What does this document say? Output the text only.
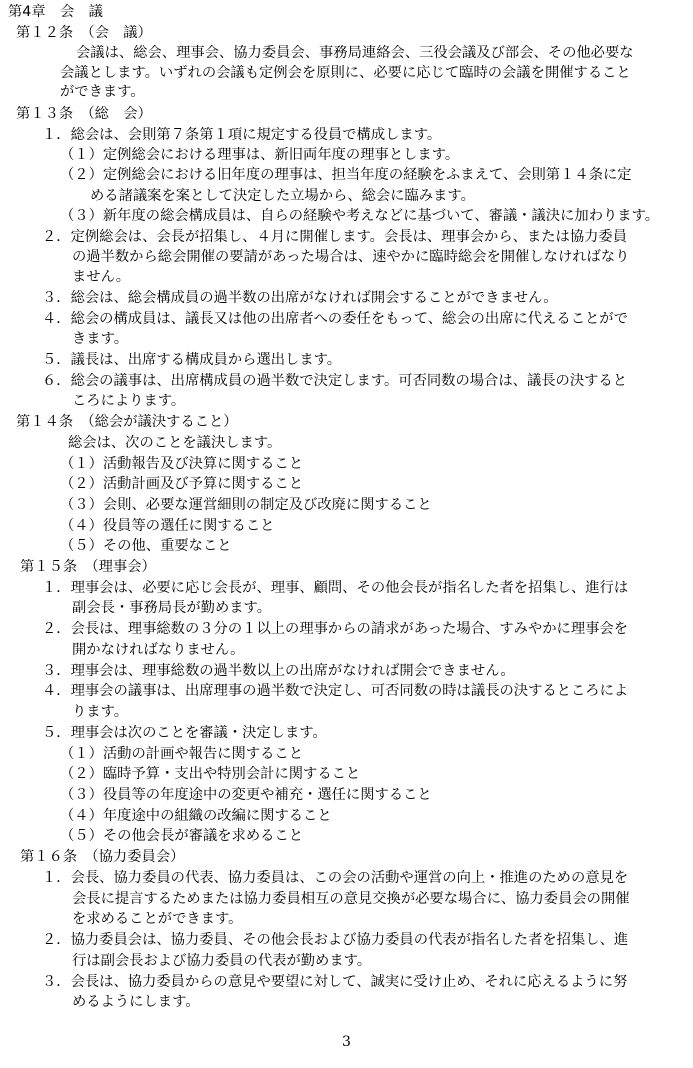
第4章　会　議
第１２条　（会　議）
会議は、総会、理事会、協力委員会、事務局連絡会、三役会議及び部会、その他必要な
会議とします。いずれの会議も定例会を原則に、必要に応じて臨時の会議を開催すること
ができます。
第１３条　（総　会）
１．総会は、会則第７条第１項に規定する役員で構成します。
（１）定例総会における理事は、新旧両年度の理事とします。
（２）定例総会における旧年度の理事は、担当年度の経験をふまえて、会則第１４条に定
める諸議案を案として決定した立場から、総会に臨みます。
（３）新年度の総会構成員は、自らの経験や考えなどに基づいて、審議・議決に加わります。
２．定例総会は、会長が招集し、４月に開催します。会長は、理事会から、または協力委員
の過半数から総会開催の要請があった場合は、速やかに臨時総会を開催しなければなり
ません。
３．総会は、総会構成員の過半数の出席がなければ開会することができません。
４．総会の構成員は、議長又は他の出席者への委任をもって、総会の出席に代えることがで
きます。
５．議長は、出席する構成員から選出します。
６．総会の議事は、出席構成員の過半数で決定します。可否同数の場合は、議長の決すると
ころによります。
第１４条　（総会が議決すること）
総会は、次のことを議決します。
（１）活動報告及び決算に関すること
（２）活動計画及び予算に関すること
（３）会則、必要な運営細則の制定及び改廃に関すること
（４）役員等の選任に関すること
（５）その他、重要なこと
第１５条　（理事会）
１．理事会は、必要に応じ会長が、理事、顧問、その他会長が指名した者を招集し、進行は
副会長・事務局長が勤めます。
２．会長は、理事総数の３分の１以上の理事からの請求があった場合、すみやかに理事会を
開かなければなりません。
３．理事会は、理事総数の過半数以上の出席がなければ開会できません。
４．理事会の議事は、出席理事の過半数で決定し、可否同数の時は議長の決するところによ
ります。
５．理事会は次のことを審議・決定します。
（１）活動の計画や報告に関すること
（２）臨時予算・支出や特別会計に関すること
（３）役員等の年度途中の変更や補充・選任に関すること
（４）年度途中の組織の改編に関すること
（５）その他会長が審議を求めること
第１６条　（協力委員会）
１．会長、協力委員の代表、協力委員は、この会の活動や運営の向上・推進のための意見を
会長に提言するためまたは協力委員相互の意見交換が必要な場合に、協力委員会の開催
を求めることができます。
２．協力委員会は、協力委員、その他会長および協力委員の代表が指名した者を招集し、進
行は副会長および協力委員の代表が勤めます。
３．会長は、協力委員からの意見や要望に対して、誠実に受け止め、それに応えるように努
めるようにします。
3
